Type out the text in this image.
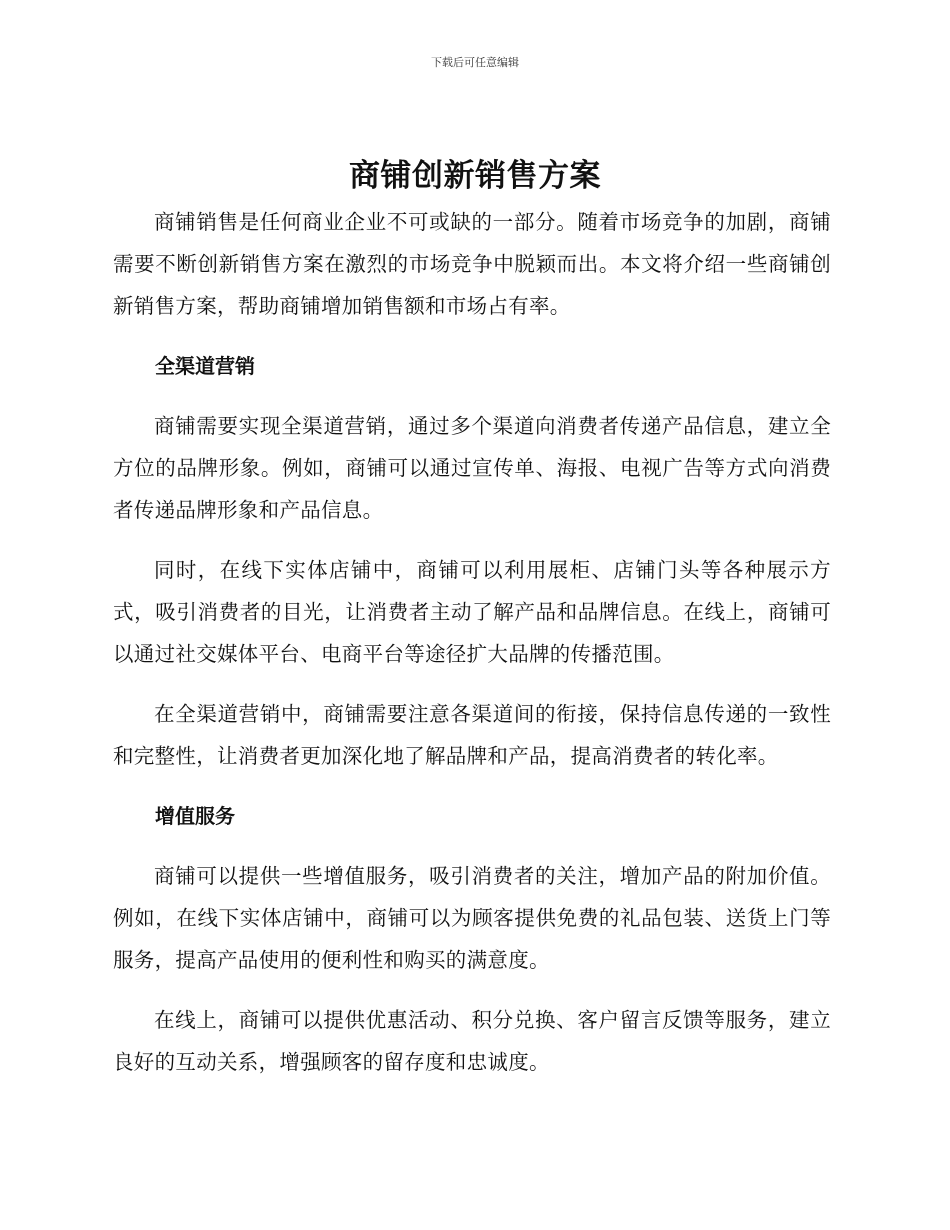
下载后可任意编辑
商铺创新销售方案

商铺销售是任何商业企业不可或缺的一部分。随着市场竞争的加剧，商铺需要不断创新销售方案在激烈的市场竞争中脱颖而出。本文将介绍一些商铺创新销售方案，帮助商铺增加销售额和市场占有率。

全渠道营销

商铺需要实现全渠道营销，通过多个渠道向消费者传递产品信息，建立全方位的品牌形象。例如，商铺可以通过宣传单、海报、电视广告等方式向消费者传递品牌形象和产品信息。

同时，在线下实体店铺中，商铺可以利用展柜、店铺门头等各种展示方式，吸引消费者的目光，让消费者主动了解产品和品牌信息。在线上，商铺可以通过社交媒体平台、电商平台等途径扩大品牌的传播范围。

在全渠道营销中，商铺需要注意各渠道间的衔接，保持信息传递的一致性和完整性，让消费者更加深化地了解品牌和产品，提高消费者的转化率。

增值服务

商铺可以提供一些增值服务，吸引消费者的关注，增加产品的附加价值。例如，在线下实体店铺中，商铺可以为顾客提供免费的礼品包装、送货上门等服务，提高产品使用的便利性和购买的满意度。

在线上，商铺可以提供优惠活动、积分兑换、客户留言反馈等服务，建立良好的互动关系，增强顾客的留存度和忠诚度。
